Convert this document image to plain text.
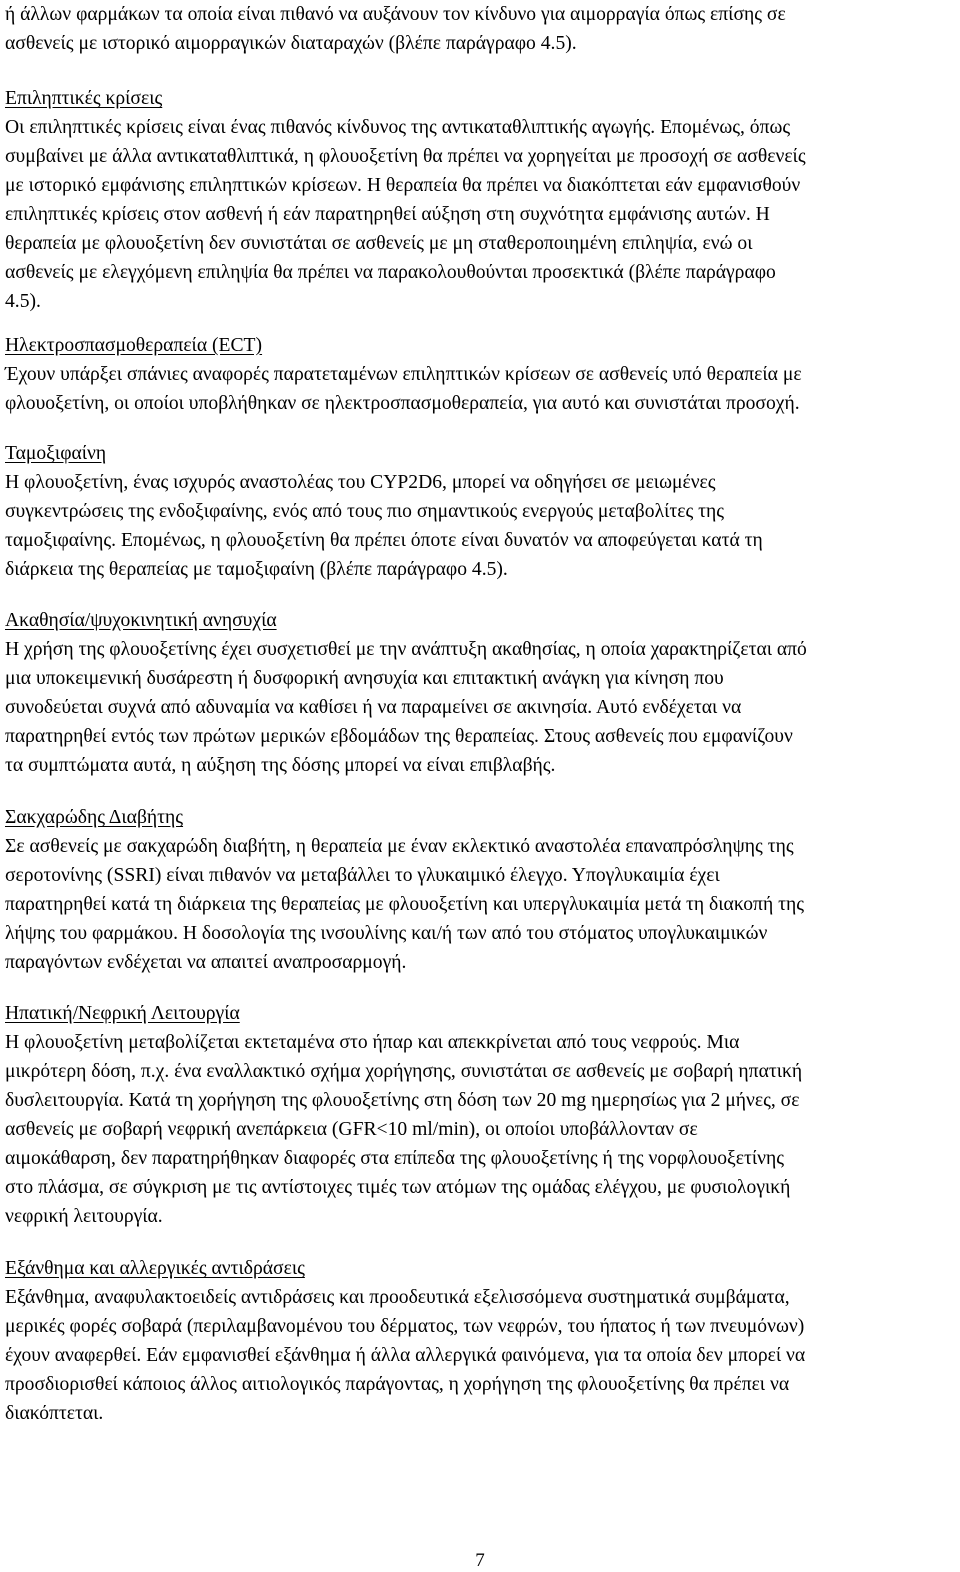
ή άλλων φαρμάκων τα οποία είναι πιθανό να αυξάνουν τον κίνδυνο για αιμορραγία όπως επίσης σε

ασθενείς με ιστορικό αιμορραγικών διαταραχών (βλέπε παράγραφο 4.5).

Επιληπτικές κρίσεις

Οι επιληπτικές κρίσεις είναι ένας πιθανός κίνδυνος της αντικαταθλιπτικής αγωγής. Επομένως, όπως

συμβαίνει με άλλα αντικαταθλιπτικά, η φλουοξετίνη θα πρέπει να χορηγείται με προσοχή σε ασθενείς

με ιστορικό εμφάνισης επιληπτικών κρίσεων. Η θεραπεία θα πρέπει να διακόπτεται εάν εμφανισθούν

επιληπτικές κρίσεις στον ασθενή ή εάν παρατηρηθεί αύξηση στη συχνότητα εμφάνισης αυτών. Η

θεραπεία με φλουοξετίνη δεν συνιστάται σε ασθενείς με μη σταθεροποιημένη επιληψία, ενώ οι

ασθενείς με ελεγχόμενη επιληψία θα πρέπει να παρακολουθούνται προσεκτικά (βλέπε παράγραφο

4.5).

Ηλεκτροσπασμοθεραπεία (ECT)

Έχουν υπάρξει σπάνιες αναφορές παρατεταμένων επιληπτικών κρίσεων σε ασθενείς υπό θεραπεία με

φλουοξετίνη, οι οποίοι υποβλήθηκαν σε ηλεκτροσπασμοθεραπεία, για αυτό και συνιστάται προσοχή.

Ταμοξιφαίνη

Η φλουοξετίνη, ένας ισχυρός αναστολέας του CYP2D6, μπορεί να οδηγήσει σε μειωμένες

συγκεντρώσεις της ενδοξιφαίνης, ενός από τους πιο σημαντικούς ενεργούς μεταβολίτες της

ταμοξιφαίνης. Επομένως, η φλουοξετίνη θα πρέπει όποτε είναι δυνατόν να αποφεύγεται κατά τη

διάρκεια της θεραπείας με ταμοξιφαίνη (βλέπε παράγραφο 4.5).

Ακαθησία/ψυχοκινητική ανησυχία

Η χρήση της φλουοξετίνης έχει συσχετισθεί με την ανάπτυξη ακαθησίας, η οποία χαρακτηρίζεται από

μια υποκειμενική δυσάρεστη ή δυσφορική ανησυχία και επιτακτική ανάγκη για κίνηση που

συνοδεύεται συχνά από αδυναμία να καθίσει ή να παραμείνει σε ακινησία. Αυτό ενδέχεται να

παρατηρηθεί εντός των πρώτων μερικών εβδομάδων της θεραπείας. Στους ασθενείς που εμφανίζουν

τα συμπτώματα αυτά, η αύξηση της δόσης μπορεί να είναι επιβλαβής.

Σακχαρώδης Διαβήτης

Σε ασθενείς με σακχαρώδη διαβήτη, η θεραπεία με έναν εκλεκτικό αναστολέα επαναπρόσληψης της

σεροτονίνης (SSRI) είναι πιθανόν να μεταβάλλει το γλυκαιμικό έλεγχο. Υπογλυκαιμία έχει

παρατηρηθεί κατά τη διάρκεια της θεραπείας με φλουοξετίνη και υπεργλυκαιμία μετά τη διακοπή της

λήψης του φαρμάκου. Η δοσολογία της ινσουλίνης και/ή των από του στόματος υπογλυκαιμικών

παραγόντων ενδέχεται να απαιτεί αναπροσαρμογή.

Ηπατική/Νεφρική Λειτουργία

Η φλουοξετίνη μεταβολίζεται εκτεταμένα στο ήπαρ και απεκκρίνεται από τους νεφρούς. Μια

μικρότερη δόση, π.χ. ένα εναλλακτικό σχήμα χορήγησης, συνιστάται σε ασθενείς με σοβαρή ηπατική

δυσλειτουργία. Κατά τη χορήγηση της φλουοξετίνης στη δόση των 20 mg ημερησίως για 2 μήνες, σε

ασθενείς με σοβαρή νεφρική ανεπάρκεια (GFR<10 ml/min), οι οποίοι υποβάλλονταν σε

αιμοκάθαρση, δεν παρατηρήθηκαν διαφορές στα επίπεδα της φλουοξετίνης ή της νορφλουοξετίνης

στο πλάσμα, σε σύγκριση με τις αντίστοιχες τιμές των ατόμων της ομάδας ελέγχου, με φυσιολογική

νεφρική λειτουργία.

Εξάνθημα και αλλεργικές αντιδράσεις

Εξάνθημα, αναφυλακτοειδείς αντιδράσεις και προοδευτικά εξελισσόμενα συστηματικά συμβάματα,

μερικές φορές σοβαρά (περιλαμβανομένου του δέρματος, των νεφρών, του ήπατος ή των πνευμόνων)

έχουν αναφερθεί. Εάν εμφανισθεί εξάνθημα ή άλλα αλλεργικά φαινόμενα, για τα οποία δεν μπορεί να

προσδιορισθεί κάποιος άλλος αιτιολογικός παράγοντας, η χορήγηση της φλουοξετίνης θα πρέπει να

διακόπτεται.

7
